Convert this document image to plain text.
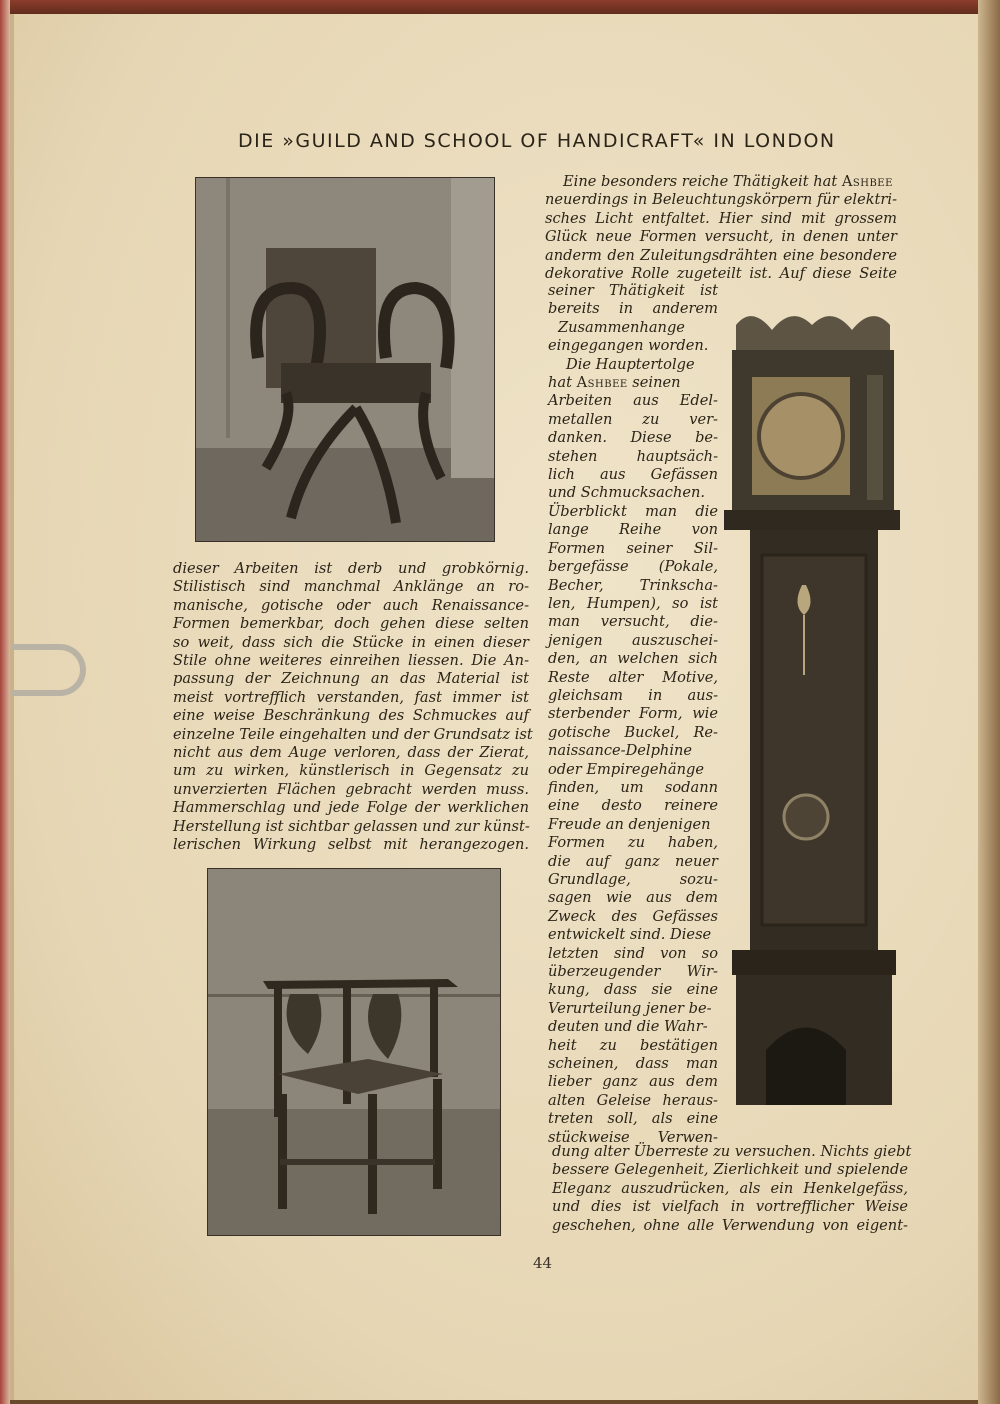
DIE »GUILD AND SCHOOL OF HANDICRAFT« IN LONDON
Eine besonders reiche Thätigkeit hat Ashbee
neuerdings in Beleuchtungskörpern für elektri-
sches Licht entfaltet. Hier sind mit grossem
Glück neue Formen versucht, in denen unter
anderm den Zuleitungsdrähten eine besondere
dekorative Rolle zugeteilt ist. Auf diese Seite
seiner Thätigkeit ist
bereits in anderem
Zusammenhange
eingegangen worden.
Die Hauptertolge
hat Ashbee seinen
Arbeiten aus Edel-
metallen zu ver-
danken. Diese be-
stehen hauptsäch-
lich aus Gefässen
und Schmucksachen.
Überblickt man die
lange Reihe von
Formen seiner Sil-
bergefässe (Pokale,
Becher, Trinkscha-
len, Humpen), so ist
man versucht, die-
jenigen auszuschei-
den, an welchen sich
Reste alter Motive,
gleichsam in aus-
sterbender Form, wie
gotische Buckel, Re-
naissance-Delphine
oder Empiregehänge
finden, um sodann
eine desto reinere
Freude an denjenigen
Formen zu haben,
die auf ganz neuer
Grundlage, sozu-
sagen wie aus dem
Zweck des Gefässes
entwickelt sind. Diese
letzten sind von so
überzeugender Wir-
kung, dass sie eine
Verurteilung jener be-
deuten und die Wahr-
heit zu bestätigen
scheinen, dass man
lieber ganz aus dem
alten Geleise heraus-
treten soll, als eine
stückweise Verwen-
dieser Arbeiten ist derb und grobkörnig.
Stilistisch sind manchmal Anklänge an ro-
manische, gotische oder auch Renaissance-
Formen bemerkbar, doch gehen diese selten
so weit, dass sich die Stücke in einen dieser
Stile ohne weiteres einreihen liessen. Die An-
passung der Zeichnung an das Material ist
meist vortrefflich verstanden, fast immer ist
eine weise Beschränkung des Schmuckes auf
einzelne Teile eingehalten und der Grundsatz ist
nicht aus dem Auge verloren, dass der Zierat,
um zu wirken, künstlerisch in Gegensatz zu
unverzierten Flächen gebracht werden muss.
Hammerschlag und jede Folge der werklichen
Herstellung ist sichtbar gelassen und zur künst-
lerischen Wirkung selbst mit herangezogen.
dung alter Überreste zu versuchen. Nichts giebt
bessere Gelegenheit, Zierlichkeit und spielende
Eleganz auszudrücken, als ein Henkelgefäss,
und dies ist vielfach in vortrefflicher Weise
geschehen, ohne alle Verwendung von eigent-
44
